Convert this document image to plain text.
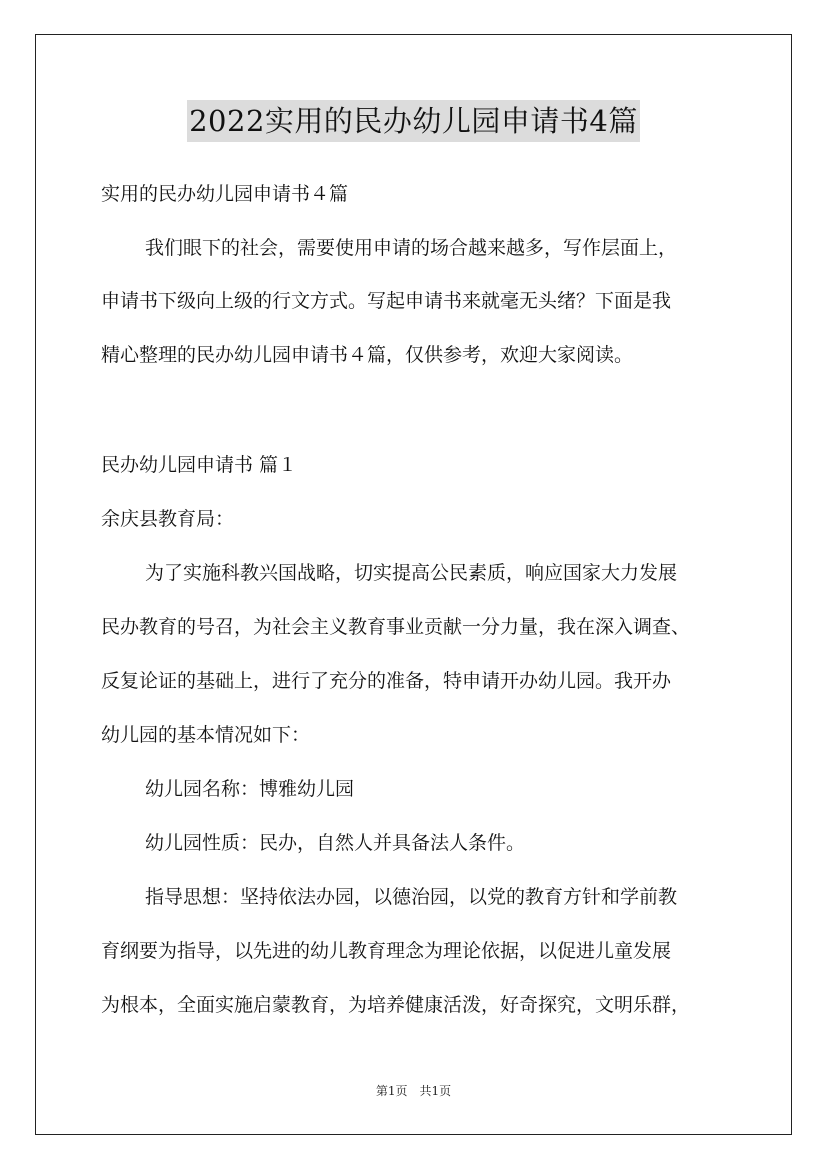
2022实用的民办幼儿园申请书4篇
实用的民办幼儿园申请书４篇
我们眼下的社会，需要使用申请的场合越来越多，写作层面上，
申请书下级向上级的行文方式。写起申请书来就毫无头绪？下面是我
精心整理的民办幼儿园申请书４篇，仅供参考，欢迎大家阅读。
民办幼儿园申请书 篇１
余庆县教育局：
为了实施科教兴国战略，切实提高公民素质，响应国家大力发展
民办教育的号召，为社会主义教育事业贡献一分力量，我在深入调查、
反复论证的基础上，进行了充分的准备，特申请开办幼儿园。我开办
幼儿园的基本情况如下：
幼儿园名称：博雅幼儿园
幼儿园性质：民办，自然人并具备法人条件。
指导思想：坚持依法办园，以德治园，以党的教育方针和学前教
育纲要为指导，以先进的幼儿教育理念为理论依据，以促进儿童发展
为根本，全面实施启蒙教育，为培养健康活泼，好奇探究，文明乐群，
第1页　共1页
